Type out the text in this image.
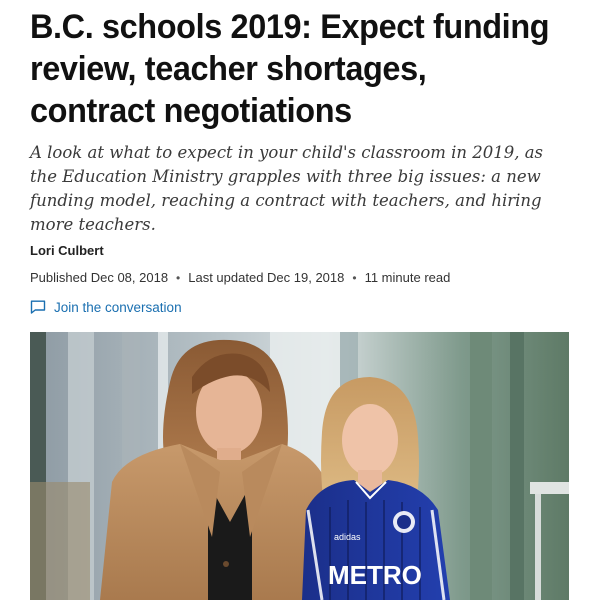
B.C. schools 2019: Expect funding review, teacher shortages, contract negotiations

A look at what to expect in your child's classroom in 2019, as the Education Ministry grapples with three big issues: a new funding model, reaching a contract with teachers, and hiring more teachers.

Lori Culbert
Published Dec 08, 2018 • Last updated Dec 19, 2018 • 11 minute read
Join the conversation
adidas
METRO
